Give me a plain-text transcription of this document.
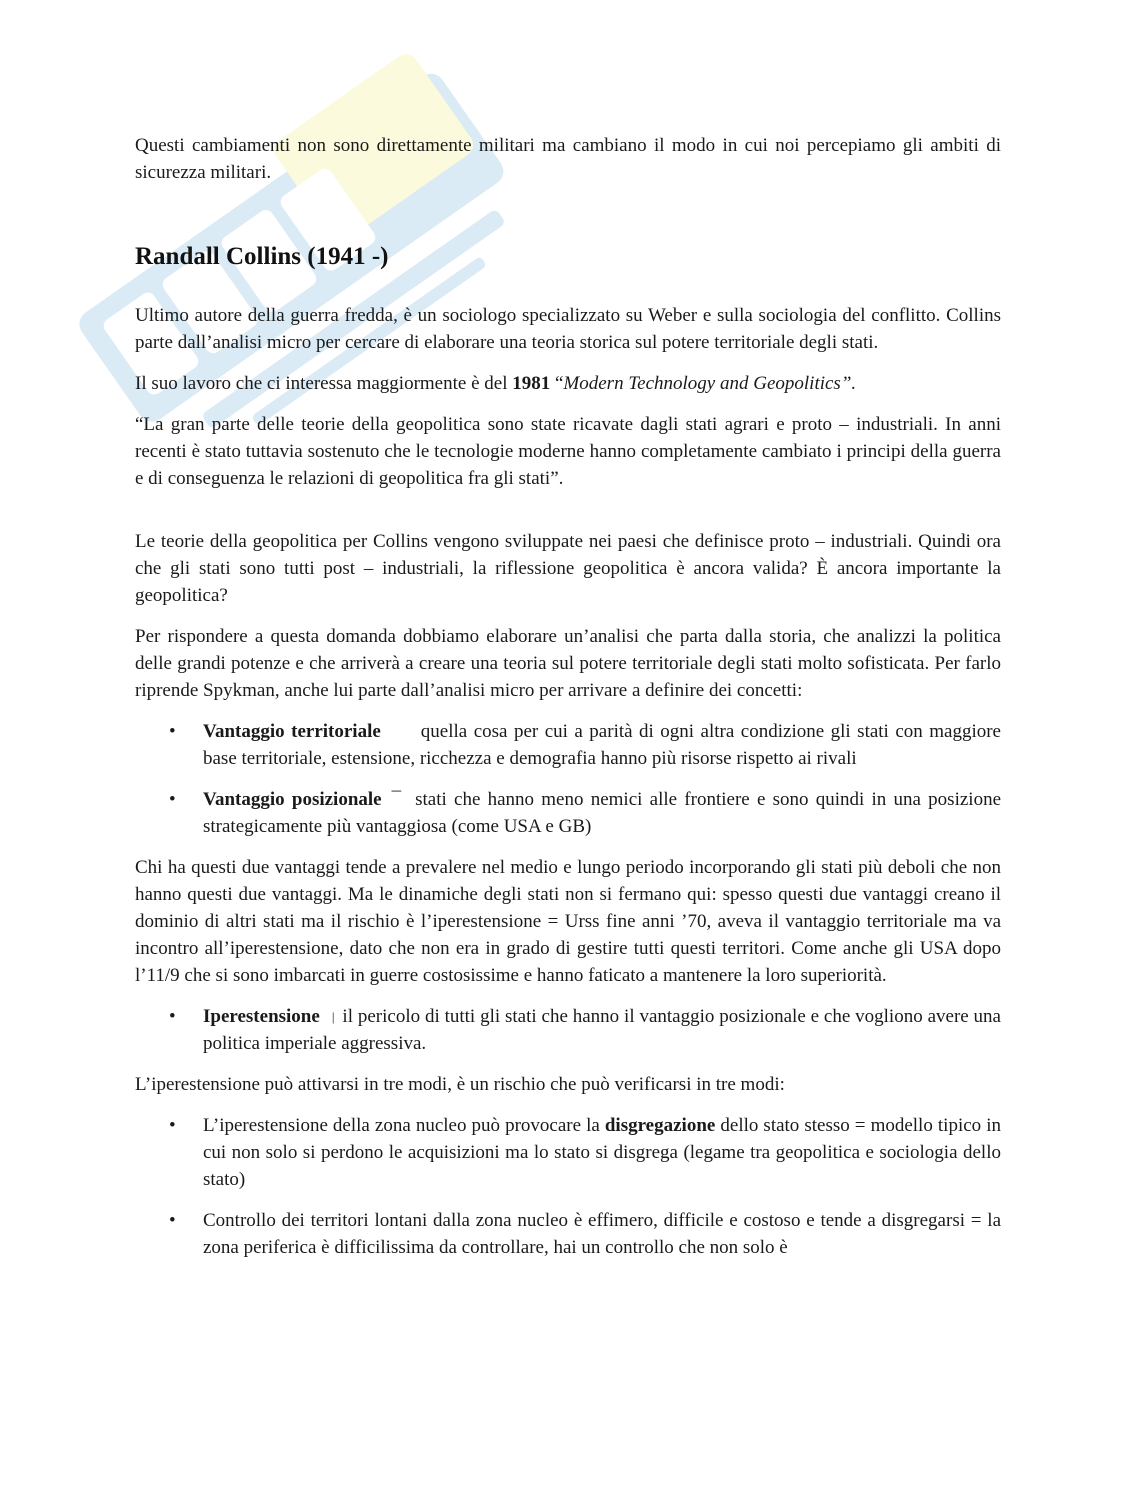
Questi cambiamenti non sono direttamente militari ma cambiano il modo in cui noi percepiamo gli ambiti di sicurezza militari.

Randall Collins (1941 -)

Ultimo autore della guerra fredda, è un sociologo specializzato su Weber e sulla sociologia del conflitto. Collins parte dall’analisi micro per cercare di elaborare una teoria storica sul potere territoriale degli stati.

Il suo lavoro che ci interessa maggiormente è del 1981 “Modern Technology and Geopolitics”.

“La gran parte delle teorie della geopolitica sono state ricavate dagli stati agrari e proto – industriali. In anni recenti è stato tuttavia sostenuto che le tecnologie moderne hanno completamente cambiato i principi della guerra e di conseguenza le relazioni di geopolitica fra gli stati”.

Le teorie della geopolitica per Collins vengono sviluppate nei paesi che definisce proto – industriali. Quindi ora che gli stati sono tutti post – industriali, la riflessione geopolitica è ancora valida? È ancora importante la geopolitica?

Per rispondere a questa domanda dobbiamo elaborare un’analisi che parta dalla storia, che analizzi la politica delle grandi potenze e che arriverà a creare una teoria sul potere territoriale degli stati molto sofisticata. Per farlo riprende Spykman, anche lui parte dall’analisi micro per arrivare a definire dei concetti:

• Vantaggio territoriale quella cosa per cui a parità di ogni altra condizione gli stati con maggiore base territoriale, estensione, ricchezza e demografia hanno più risorse rispetto ai rivali
• Vantaggio posizionale ¯ stati che hanno meno nemici alle frontiere e sono quindi in una posizione strategicamente più vantaggiosa (come USA e GB)

Chi ha questi due vantaggi tende a prevalere nel medio e lungo periodo incorporando gli stati più deboli che non hanno questi due vantaggi. Ma le dinamiche degli stati non si fermano qui: spesso questi due vantaggi creano il dominio di altri stati ma il rischio è l’iperestensione = Urss fine anni ’70, aveva il vantaggio territoriale ma va incontro all’iperestensione, dato che non era in grado di gestire tutti questi territori. Come anche gli USA dopo l’11/9 che si sono imbarcati in guerre costosissime e hanno faticato a mantenere la loro superiorità.

• Iperestensione | il pericolo di tutti gli stati che hanno il vantaggio posizionale e che vogliono avere una politica imperiale aggressiva.

L’iperestensione può attivarsi in tre modi, è un rischio che può verificarsi in tre modi:

• L’iperestensione della zona nucleo può provocare la disgregazione dello stato stesso = modello tipico in cui non solo si perdono le acquisizioni ma lo stato si disgrega (legame tra geopolitica e sociologia dello stato)
• Controllo dei territori lontani dalla zona nucleo è effimero, difficile e costoso e tende a disgregarsi = la zona periferica è difficilissima da controllare, hai un controllo che non solo è
